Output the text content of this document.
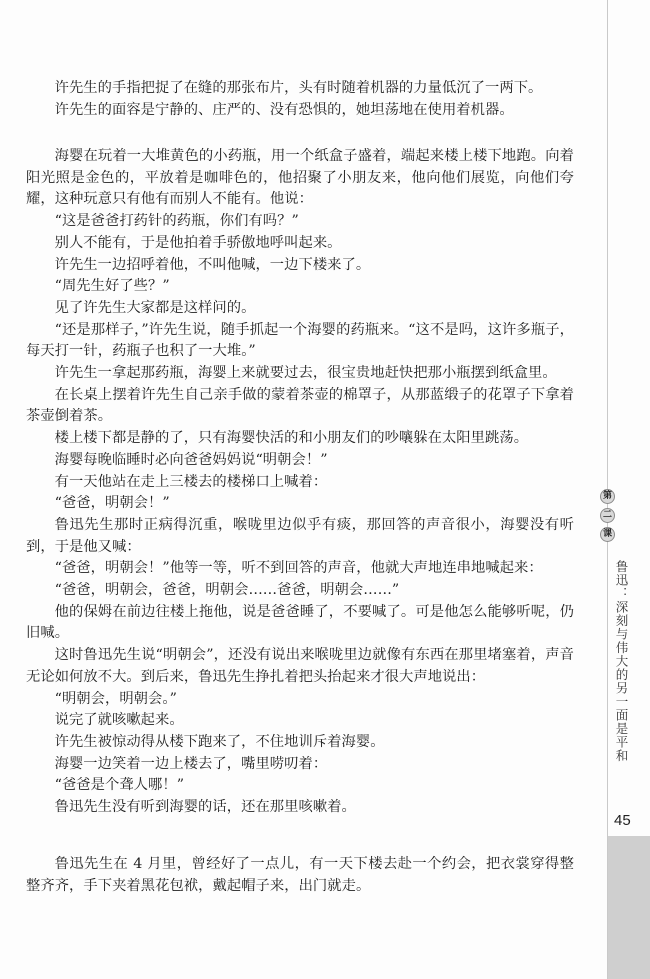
许先生的手指把捉了在缝的那张布片，头有时随着机器的力量低沉了一两下。

许先生的面容是宁静的、庄严的、没有恐惧的，她坦荡地在使用着机器。

海婴在玩着一大堆黄色的小药瓶，用一个纸盒子盛着，端起来楼上楼下地跑。向着阳光照是金色的，平放着是咖啡色的，他招聚了小朋友来，他向他们展览，向他们夸耀，这种玩意只有他有而别人不能有。他说：

“这是爸爸打药针的药瓶，你们有吗？”

别人不能有，于是他拍着手骄傲地呼叫起来。

许先生一边招呼着他，不叫他喊，一边下楼来了。

“周先生好了些？”

见了许先生大家都是这样问的。

“还是那样子，”许先生说，随手抓起一个海婴的药瓶来。“这不是吗，这许多瓶子，每天打一针，药瓶子也积了一大堆。”

许先生一拿起那药瓶，海婴上来就要过去，很宝贵地赶快把那小瓶摆到纸盒里。

在长桌上摆着许先生自己亲手做的蒙着茶壶的棉罩子，从那蓝缎子的花罩子下拿着茶壶倒着茶。

楼上楼下都是静的了，只有海婴快活的和小朋友们的吵嚷躲在太阳里跳荡。

海婴每晚临睡时必向爸爸妈妈说“明朝会！”

有一天他站在走上三楼去的楼梯口上喊着：

“爸爸，明朝会！”

鲁迅先生那时正病得沉重，喉咙里边似乎有痰，那回答的声音很小，海婴没有听到，于是他又喊：

“爸爸，明朝会！”他等一等，听不到回答的声音，他就大声地连串地喊起来：

“爸爸，明朝会，爸爸，明朝会……爸爸，明朝会……”

他的保姆在前边往楼上拖他，说是爸爸睡了，不要喊了。可是他怎么能够听呢，仍旧喊。

这时鲁迅先生说“明朝会”，还没有说出来喉咙里边就像有东西在那里堵塞着，声音无论如何放不大。到后来，鲁迅先生挣扎着把头抬起来才很大声地说出：

“明朝会，明朝会。”

说完了就咳嗽起来。

许先生被惊动得从楼下跑来了，不住地训斥着海婴。

海婴一边笑着一边上楼去了，嘴里唠叨着：

“爸爸是个聋人哪！”

鲁迅先生没有听到海婴的话，还在那里咳嗽着。

鲁迅先生在 4 月里，曾经好了一点儿，有一天下楼去赴一个约会，把衣裳穿得整整齐齐，手下夹着黑花包袱，戴起帽子来，出门就走。

第
二
课
鲁迅：深刻与伟大的另一面是平和
45
